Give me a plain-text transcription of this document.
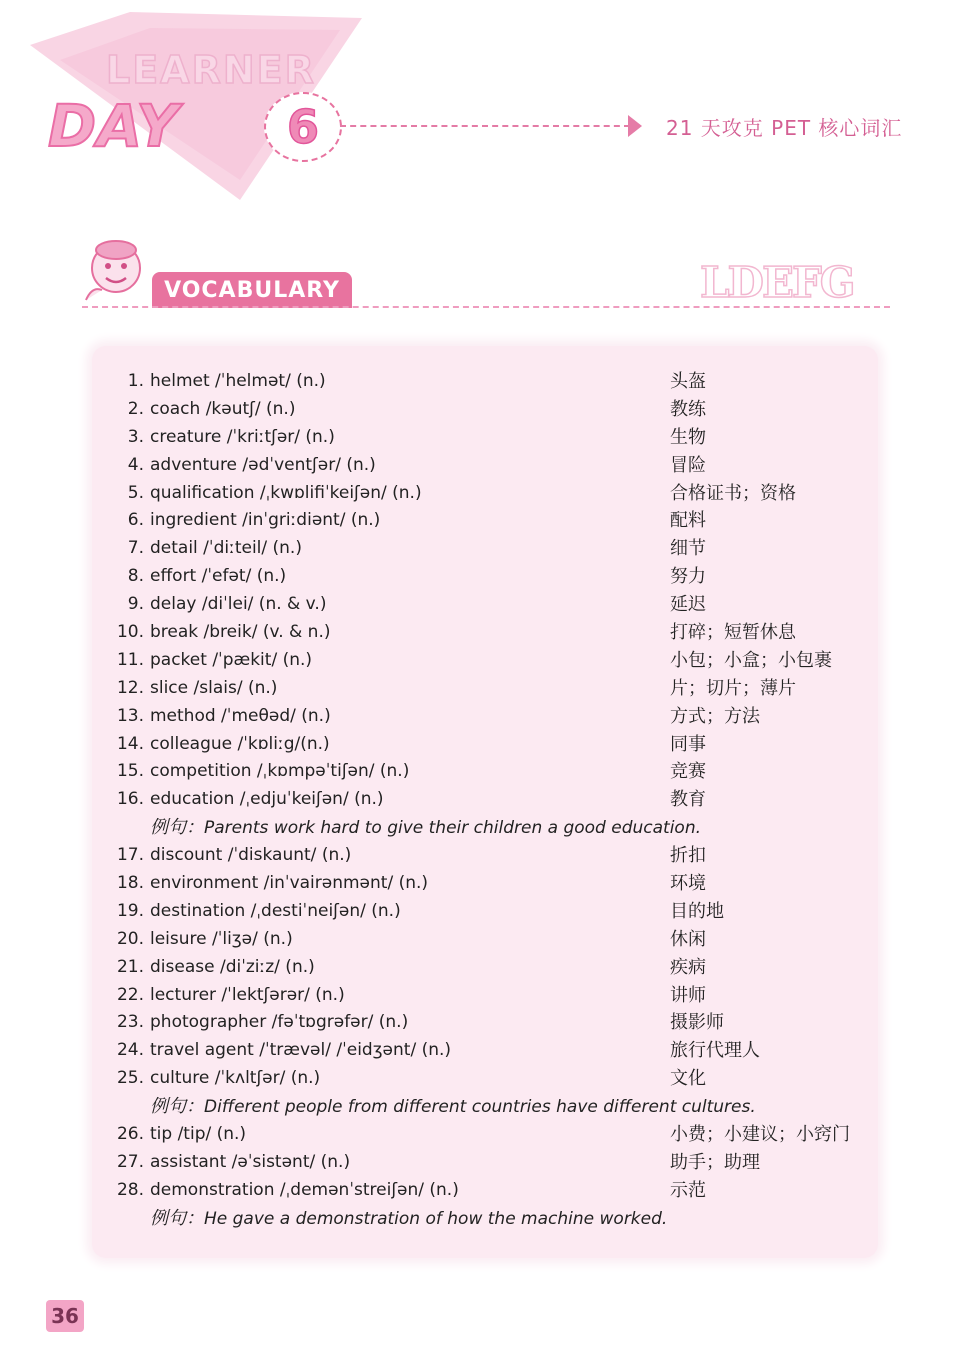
LEARNER
DAY 6	21 天攻克 PET 核心词汇
VOCABULARY	LDEFG
1. helmet /ˈhelmət/ (n.)	头盔
2. coach /kəutʃ/ (n.)	教练
3. creature /ˈkriːtʃər/ (n.)	生物
4. adventure /ədˈventʃər/ (n.)	冒险
5. qualification /ˌkwɒlifiˈkeiʃən/ (n.)	合格证书；资格
6. ingredient /inˈgriːdiənt/ (n.)	配料
7. detail /ˈdiːteil/ (n.)	细节
8. effort /ˈefət/ (n.)	努力
9. delay /diˈlei/ (n. & v.)	延迟
10. break /breik/ (v. & n.)	打碎；短暂休息
11. packet /ˈpækit/ (n.)	小包；小盒；小包裹
12. slice /slais/ (n.)	片；切片；薄片
13. method /ˈmeθəd/ (n.)	方式；方法
14. colleague /ˈkɒliːg/(n.)	同事
15. competition /ˌkɒmpəˈtiʃən/ (n.)	竞赛
16. education /ˌedjuˈkeiʃən/ (n.)	教育
例句：Parents work hard to give their children a good education.
17. discount /ˈdiskaunt/ (n.)	折扣
18. environment /inˈvairənmənt/ (n.)	环境
19. destination /ˌdestiˈneiʃən/ (n.)	目的地
20. leisure /ˈliʒə/ (n.)	休闲
21. disease /diˈziːz/ (n.)	疾病
22. lecturer /ˈlektʃərər/ (n.)	讲师
23. photographer /fəˈtɒgrəfər/ (n.)	摄影师
24. travel agent /ˈtrævəl/ /ˈeidʒənt/ (n.)	旅行代理人
25. culture /ˈkʌltʃər/ (n.)	文化
例句：Different people from different countries have different cultures.
26. tip /tip/ (n.)	小费；小建议；小窍门
27. assistant /əˈsistənt/ (n.)	助手；助理
28. demonstration /ˌdemənˈstreiʃən/ (n.)	示范
例句：He gave a demonstration of how the machine worked.
36
